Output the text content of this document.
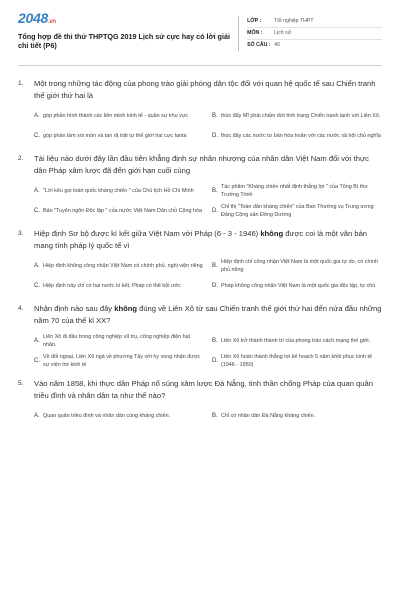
2048.vn
Tổng hợp đề thi thử THPTQG 2019 Lịch sử cực hay có lời giải chi tiết (P6)
LỚP :	Tốt nghiệp THPT
MÔN :	Lịch sử
SỐ CÂU : 40
1.	Một trong những tác động của phong trào giải phóng dân tộc đối với quan hệ quốc tế sau Chiến tranh thế giới thứ hai là
A. góp phần hình thành các liên minh kinh tế - quân sự khu vực	B. thúc đẩy Mĩ phải chấm dứt tình trạng Chiến tranh lạnh với Liên Xô.
C. góp phần làm xói mòn và tan rã trật tự thế giới hai cực Ianta	D. thúc đẩy các nước tư bản hòa hoãn với các nước xã hội chủ nghĩa
2.	Tài liệu nào dưới đây lần đầu tiên khẳng định sự nhân nhượng của nhân dân Việt Nam đối với thực dân Pháp xâm lược đã đến giới hạn cuối cùng
A. "Lời kêu gọi toàn quốc kháng chiến " của Chủ tịch Hồ Chí Minh	B.
Tác phẩm "Kháng chiến nhất định thắng lợi " của Tổng Bí thư Trường Trinh
C. Bản "Tuyên ngôn Độc lập " của nước Việt Nam Dân chủ Cộng hòa D.
Chỉ thị "Toàn dân kháng chiến" của Ban Thường vụ Trung ương Đảng Cộng sản Đông Dương
3.	Hiệp định Sơ bộ được kí kết giữa Việt Nam với Pháp (6 - 3 - 1946) không được coi là một văn bản mang tính pháp lý quốc tế vì
A. Hiệp định không công nhận Việt Nam có chính phủ, nghị viện riêng B.
Hiệp định chỉ công nhận Việt Nam là một quốc gia tự do, có chính phủ riêng
C. Hiệp định này chỉ có hai nước kí kết, Pháp có thể bội ước	D. Pháp không công nhận Việt Nam là một quốc gia độc lập, tự chủ
4.	Nhận định nào sau đây không đúng về Liên Xô từ sau Chiến tranh thế giới thứ hai đến nửa đầu những năm 70 của thế kỉ XX?
A.
Liên Xô đi đầu trong công nghiệp vũ trụ, công nghiệp điện hạt nhân.
B. Liên Xô trở thành thành trì của phong trào cách mạng thế giới.
C.
Về đối ngoại, Liên Xô ngả về phương Tây với hy vọng nhận được sự viện trợ kinh tế
D.
Liên Xô hoàn thành thắng lợi kế hoạch 5 năm khôi phục kinh tế (1946 - 1950)
5.	Vào năm 1858, khi thực dân Pháp nổ súng xâm lược Đà Nẵng, tinh thần chống Pháp của quan quân triều đình và nhân dân ta như thế nào?
A. Quan quân triều đình và nhân dân cùng kháng chiến.	B. Chỉ có nhân dân Đà Nẵng kháng chiến.
